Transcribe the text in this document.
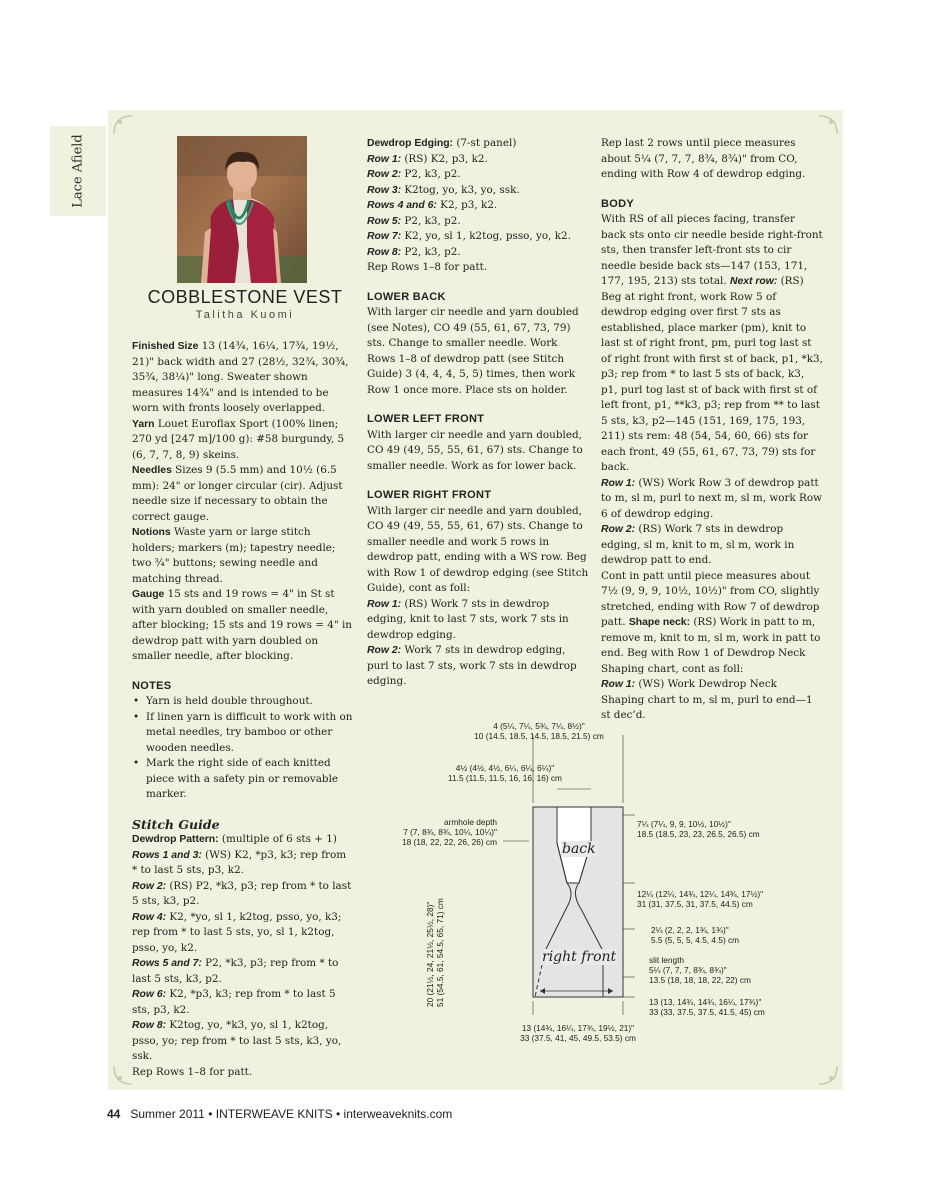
Lace Afield
COBBLESTONE VEST
Talitha Kuomi

Finished Size 13 (14¾, 16¼, 17¾, 19½, 21)" back width and 27 (28½, 32¾, 30¾, 35¾, 38¼)" long. Sweater shown measures 14¾" and is intended to be worn with fronts loosely overlapped.

Yarn Louet Euroflax Sport (100% linen; 270 yd [247 m]/100 g): #58 burgundy, 5 (6, 7, 7, 8, 9) skeins.

Needles Sizes 9 (5.5 mm) and 10½ (6.5 mm): 24" or longer circular (cir). Adjust needle size if necessary to obtain the correct gauge.

Notions Waste yarn or large stitch holders; markers (m); tapestry needle; two ¾" buttons; sewing needle and matching thread.

Gauge 15 sts and 19 rows = 4" in St st with yarn doubled on smaller needle, after blocking; 15 sts and 19 rows = 4" in dewdrop patt with yarn doubled on smaller needle, after blocking.

NOTES

• Yarn is held double throughout.
• If linen yarn is difficult to work with on metal needles, try bamboo or other wooden needles.
• Mark the right side of each knitted piece with a safety pin or removable marker.

Stitch Guide

Dewdrop Pattern: (multiple of 6 sts + 1)

Rows 1 and 3: (WS) K2, *p3, k3; rep from * to last 5 sts, p3, k2.

Row 2: (RS) P2, *k3, p3; rep from * to last 5 sts, k3, p2.

Row 4: K2, *yo, sl 1, k2tog, psso, yo, k3; rep from * to last 5 sts, yo, sl 1, k2tog, psso, yo, k2.

Rows 5 and 7: P2, *k3, p3; rep from * to last 5 sts, k3, p2.

Row 6: K2, *p3, k3; rep from * to last 5 sts, p3, k2.

Row 8: K2tog, yo, *k3, yo, sl 1, k2tog, psso, yo; rep from * to last 5 sts, k3, yo, ssk.

Rep Rows 1–8 for patt.

Dewdrop Edging: (7-st panel)

Row 1: (RS) K2, p3, k2.

Row 2: P2, k3, p2.

Row 3: K2tog, yo, k3, yo, ssk.

Rows 4 and 6: K2, p3, k2.

Row 5: P2, k3, p2.

Row 7: K2, yo, sl 1, k2tog, psso, yo, k2.

Row 8: P2, k3, p2.

Rep Rows 1–8 for patt.

LOWER BACK

With larger cir needle and yarn doubled (see Notes), CO 49 (55, 61, 67, 73, 79) sts. Change to smaller needle. Work Rows 1–8 of dewdrop patt (see Stitch Guide) 3 (4, 4, 4, 5, 5) times, then work Row 1 once more. Place sts on holder.

LOWER LEFT FRONT

With larger cir needle and yarn doubled, CO 49 (49, 55, 55, 61, 67) sts. Change to smaller needle. Work as for lower back.

LOWER RIGHT FRONT

With larger cir needle and yarn doubled, CO 49 (49, 55, 55, 61, 67) sts. Change to smaller needle and work 5 rows in dewdrop patt, ending with a WS row. Beg with Row 1 of dewdrop edging (see Stitch Guide), cont as foll:

Row 1: (RS) Work 7 sts in dewdrop edging, knit to last 7 sts, work 7 sts in dewdrop edging.

Row 2: Work 7 sts in dewdrop edging, purl to last 7 sts, work 7 sts in dewdrop edging.

Rep last 2 rows until piece measures about 5¼ (7, 7, 7, 8¾, 8¾)" from CO, ending with Row 4 of dewdrop edging.

BODY

With RS of all pieces facing, transfer back sts onto cir needle beside right-front sts, then transfer left-front sts to cir needle beside back sts—147 (153, 171, 177, 195, 213) sts total. Next row: (RS) Beg at right front, work Row 5 of dewdrop edging over first 7 sts as established, place marker (pm), knit to last st of right front, pm, purl tog last st of right front with first st of back, p1, *k3, p3; rep from * to last 5 sts of back, k3, p1, purl tog last st of back with first st of left front, p1, **k3, p3; rep from ** to last 5 sts, k3, p2—145 (151, 169, 175, 193, 211) sts rem: 48 (54, 54, 60, 66) sts for each front, 49 (55, 61, 67, 73, 79) sts for back.

Row 1: (WS) Work Row 3 of dewdrop patt to m, sl m, purl to next m, sl m, work Row 6 of dewdrop edging.

Row 2: (RS) Work 7 sts in dewdrop edging, sl m, knit to m, sl m, work in dewdrop patt to end.

Cont in patt until piece measures about 7½ (9, 9, 9, 10½, 10½)" from CO, slightly stretched, ending with Row 7 of dewdrop patt. Shape neck: (RS) Work in patt to m, remove m, knit to m, sl m, work in patt to end. Beg with Row 1 of Dewdrop Neck Shaping chart, cont as foll:

Row 1: (WS) Work Dewdrop Neck Shaping chart to m, sl m, purl to end—1 st dec’d.

4 (5¼, 7¼, 5¾, 7¼, 8½)"
10 (14.5, 18.5, 14.5, 18.5, 21.5) cm
4½ (4½, 4½, 6¼, 6¼, 6¼)"
11.5 (11.5, 11.5, 16, 16, 16) cm
armhole depth
7 (7, 8¾, 8¾, 10¼, 10¼)"
18 (18, 22, 22, 26, 26) cm
20 (21½, 24, 21½, 25½, 28)" 51 (54.5, 61, 54.5, 65, 71) cm
7¼ (7¼, 9, 9, 10½, 10½)"
18.5 (18.5, 23, 23, 26.5, 26.5) cm
12¼ (12¼, 14¾, 12¼, 14¾, 17½)"
31 (31, 37.5, 31, 37.5, 44.5) cm
2¼ (2, 2, 2, 1¾, 1¾)"
5.5 (5, 5, 5, 4.5, 4.5) cm
slit length
5¼ (7, 7, 7, 8¾, 8¾)"
13.5 (18, 18, 18, 22, 22) cm
13 (13, 14¾, 14¾, 16¼, 17¾)"
33 (33, 37.5, 37.5, 41.5, 45) cm
13 (14¾, 16¼, 17¾, 19½, 21)"
33 (37.5, 41, 45, 49.5, 53.5) cm
back
right front
44 Summer 2011 • INTERWEAVE KNITS • interweaveknits.com
